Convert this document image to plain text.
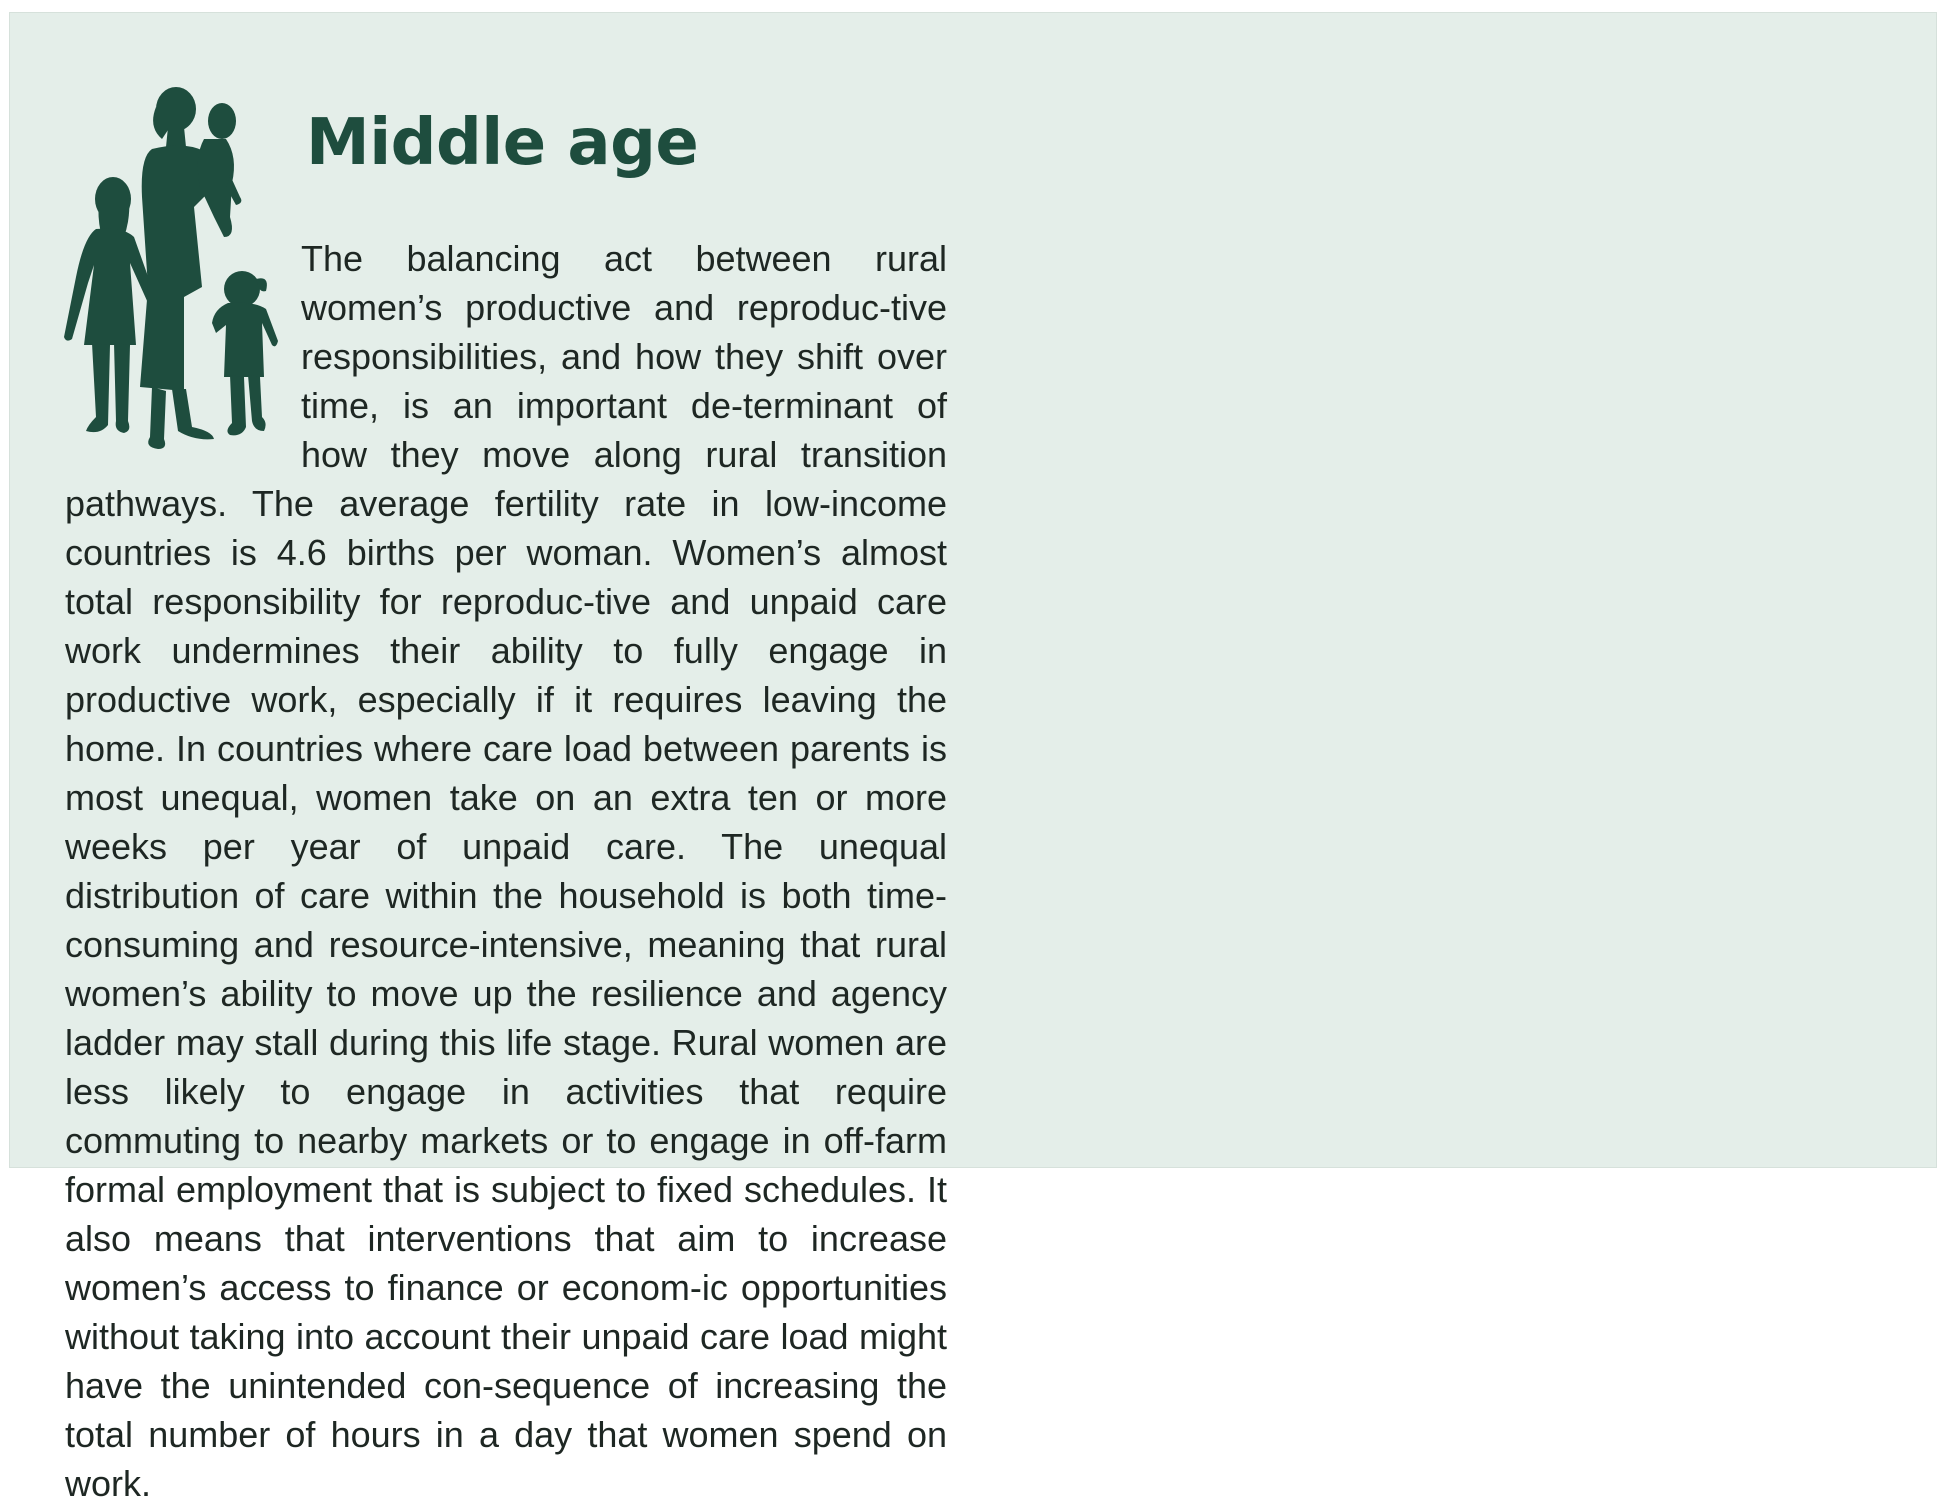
Middle age

The balancing act between rural women’s productive and reproduc-tive responsibilities, and how they shift over time, is an important de-terminant of how they move along rural transition pathways. The average fertility rate in low-income countries is 4.6 births per woman. Women’s almost total responsibility for reproduc-tive and unpaid care work undermines their ability to fully engage in productive work, especially if it requires leaving the home. In countries where care load between parents is most unequal, women take on an extra ten or more weeks per year of unpaid care. The unequal distribution of care within the household is both time-consuming and resource-intensive, meaning that rural women’s ability to move up the resilience and agency ladder may stall during this life stage. Rural women are less likely to engage in activities that require commuting to nearby markets or to engage in off-farm formal employment that is subject to fixed schedules. It also means that interventions that aim to increase women’s access to finance or econom-ic opportunities without taking into account their unpaid care load might have the unintended con-sequence of increasing the total number of hours in a day that women spend on work.
